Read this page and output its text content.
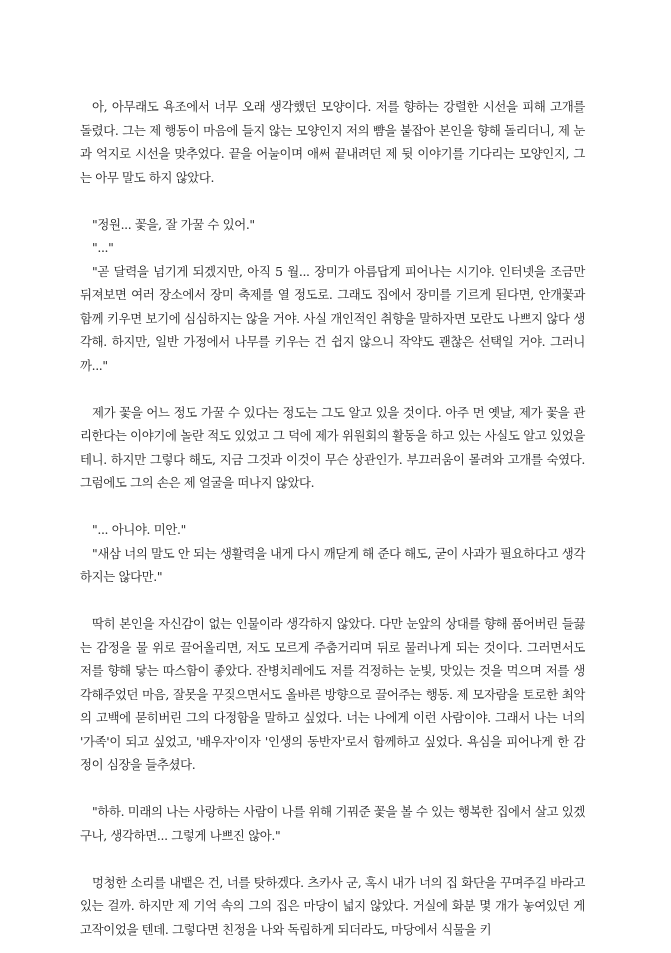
아, 아무래도 욕조에서 너무 오래 생각했던 모양이다. 저를 향하는 강렬한 시선을 피해 고개를 돌렸다. 그는 제 행동이 마음에 들지 않는 모양인지 저의 뺨을 붙잡아 본인을 향해 돌리더니, 제 눈과 억지로 시선을 맞추었다. 끝을 어눌이며 애써 끝내려던 제 뒷 이야기를 기다리는 모양인지, 그는 아무 말도 하지 않았다.

"정원... 꽃을, 잘 가꿀 수 있어."

"..."

"곧 달력을 넘기게 되겠지만, 아직 5 월... 장미가 아름답게 피어나는 시기야. 인터넷을 조금만 뒤져보면 여러 장소에서 장미 축제를 열 정도로. 그래도 집에서 장미를 기르게 된다면, 안개꽃과 함께 키우면 보기에 심심하지는 않을 거야. 사실 개인적인 취향을 말하자면 모란도 나쁘지 않다 생각해. 하지만, 일반 가정에서 나무를 키우는 건 쉽지 않으니 작약도 괜찮은 선택일 거야. 그러니까..."

제가 꽃을 어느 정도 가꿀 수 있다는 정도는 그도 알고 있을 것이다. 아주 먼 옛날, 제가 꽃을 관리한다는 이야기에 놀란 적도 있었고 그 덕에 제가 위원회의 활동을 하고 있는 사실도 알고 있었을 테니. 하지만 그렇다 해도, 지금 그것과 이것이 무슨 상관인가. 부끄러움이 몰려와 고개를 숙였다. 그럼에도 그의 손은 제 얼굴을 떠나지 않았다.

"... 아니야. 미안."

"새삼 너의 말도 안 되는 생활력을 내게 다시 깨닫게 해 준다 해도, 굳이 사과가 필요하다고 생각하지는 않다만."

딱히 본인을 자신감이 없는 인물이라 생각하지 않았다. 다만 눈앞의 상대를 향해 품어버린 들끓는 감정을 물 위로 끌어올리면, 저도 모르게 주춤거리며 뒤로 물러나게 되는 것이다. 그러면서도 저를 향해 닿는 따스함이 좋았다. 잔병치레에도 저를 걱정하는 눈빛, 맛있는 것을 먹으며 저를 생각해주었던 마음, 잘못을 꾸짖으면서도 올바른 방향으로 끌어주는 행동. 제 모자람을 토로한 최악의 고백에 묻히버린 그의 다정함을 말하고 싶었다. 너는 나에게 이런 사람이야. 그래서 나는 너의 '가족'이 되고 싶었고, '배우자'이자 '인생의 동반자'로서 함께하고 싶었다. 욕심을 피어나게 한 감정이 심장을 들추셨다.

"하하. 미래의 나는 사랑하는 사람이 나를 위해 기꿔준 꽃을 볼 수 있는 행복한 집에서 살고 있겠구나, 생각하면... 그렇게 나쁘진 않아."

멍청한 소리를 내뱉은 건, 너를 탓하겠다. 츠카사 군, 혹시 내가 너의 집 화단을 꾸며주길 바라고 있는 걸까. 하지만 제 기억 속의 그의 집은 마당이 넓지 않았다. 거실에 화분 몇 개가 놓여있던 게 고작이었을 텐데. 그렇다면 친정을 나와 독립하게 되더라도, 마당에서 식물을 키
